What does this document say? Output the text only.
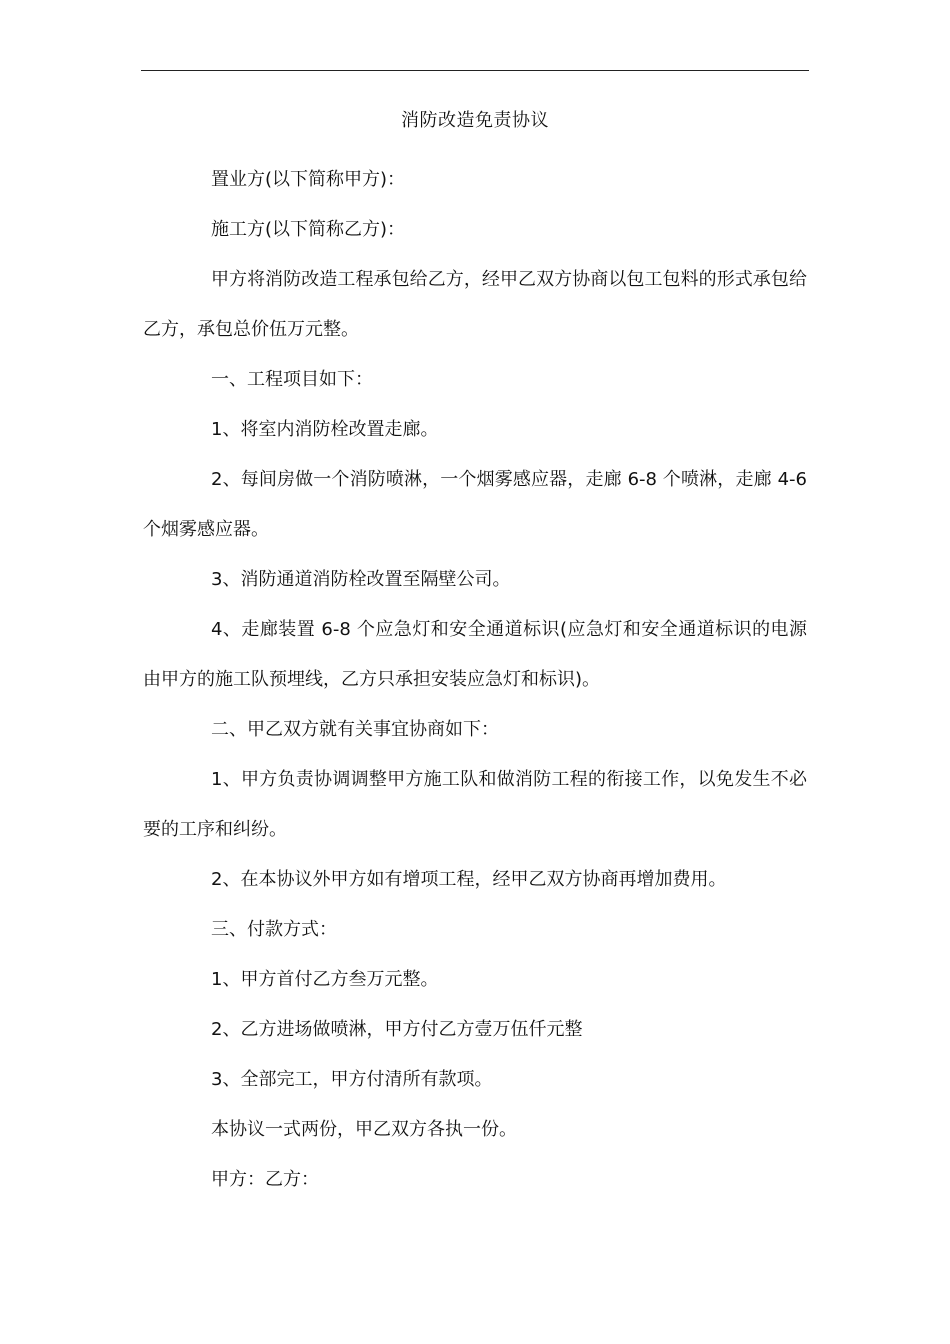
消防改造免责协议

置业方(以下简称甲方)：

施工方(以下简称乙方)：

甲方将消防改造工程承包给乙方，经甲乙双方协商以包工包料的形式承包给乙方，承包总价伍万元整。

一、工程项目如下：

1、将室内消防栓改置走廊。

2、每间房做一个消防喷淋，一个烟雾感应器，走廊 6-8 个喷淋，走廊 4-6 个烟雾感应器。

3、消防通道消防栓改置至隔壁公司。

4、走廊装置 6-8 个应急灯和安全通道标识(应急灯和安全通道标识的电源由甲方的施工队预埋线，乙方只承担安装应急灯和标识)。

二、甲乙双方就有关事宜协商如下：

1、甲方负责协调调整甲方施工队和做消防工程的衔接工作，以免发生不必要的工序和纠纷。

2、在本协议外甲方如有增项工程，经甲乙双方协商再增加费用。

三、付款方式：

1、甲方首付乙方叁万元整。

2、乙方进场做喷淋，甲方付乙方壹万伍仟元整

3、全部完工，甲方付清所有款项。

本协议一式两份，甲乙双方各执一份。

甲方：乙方：
